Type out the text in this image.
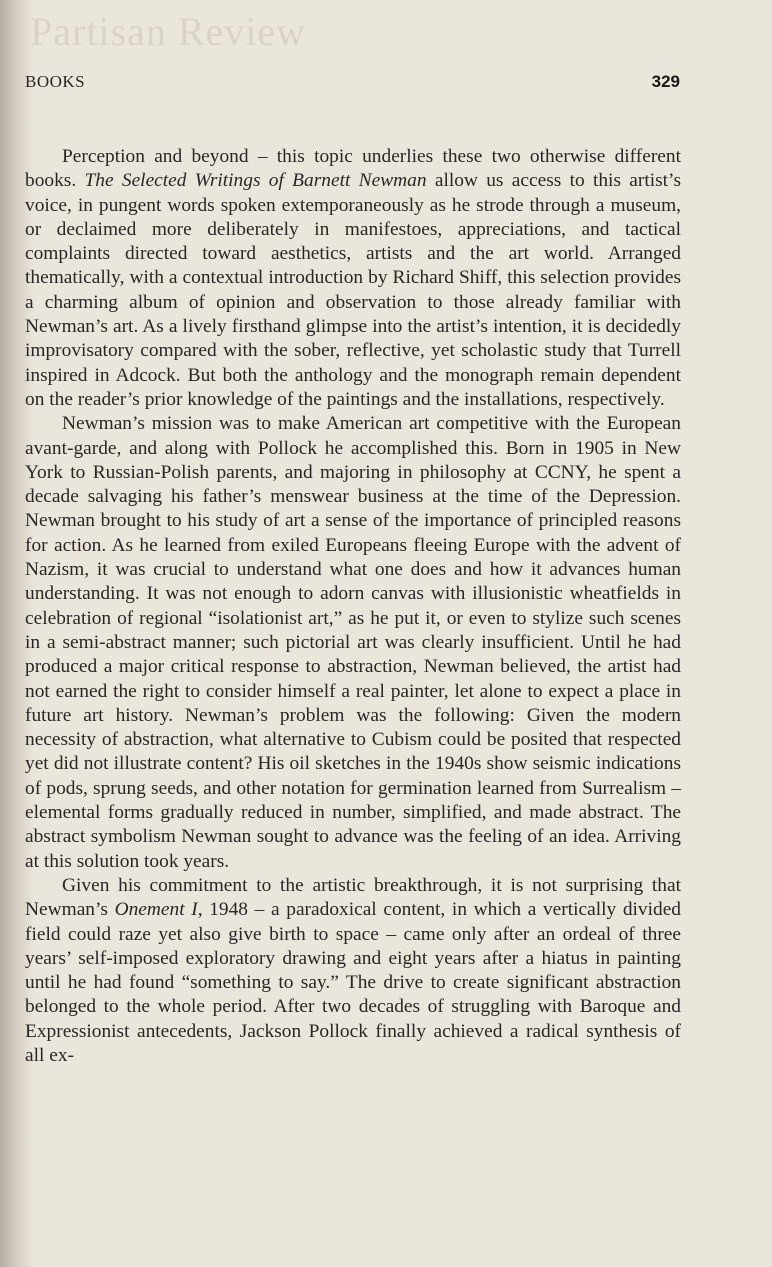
Partisan Review
BOOKS	329

Perception and beyond – this topic underlies these two otherwise different books. The Selected Writings of Barnett Newman allow us access to this artist’s voice, in pungent words spoken extemporaneously as he strode through a museum, or declaimed more deliberately in manifestoes, appreciations, and tactical complaints directed toward aesthetics, artists and the art world. Arranged thematically, with a contextual introduction by Richard Shiff, this selection provides a charming album of opinion and observation to those already familiar with Newman’s art. As a lively firsthand glimpse into the artist’s intention, it is decidedly improvisatory compared with the sober, reflective, yet scholastic study that Turrell inspired in Adcock. But both the anthology and the monograph remain dependent on the reader’s prior knowledge of the paintings and the installations, respectively.

Newman’s mission was to make American art competitive with the European avant-garde, and along with Pollock he accomplished this. Born in 1905 in New York to Russian-Polish parents, and majoring in philosophy at CCNY, he spent a decade salvaging his father’s menswear business at the time of the Depression. Newman brought to his study of art a sense of the importance of principled reasons for action. As he learned from exiled Europeans fleeing Europe with the advent of Nazism, it was crucial to understand what one does and how it advances human understanding. It was not enough to adorn canvas with illusionistic wheatfields in celebration of regional “isolationist art,” as he put it, or even to stylize such scenes in a semi-abstract manner; such pictorial art was clearly insufficient. Until he had produced a major critical response to abstraction, Newman believed, the artist had not earned the right to consider himself a real painter, let alone to expect a place in future art history. Newman’s problem was the following: Given the modern necessity of abstraction, what alternative to Cubism could be posited that respected yet did not illustrate content? His oil sketches in the 1940s show seismic indications of pods, sprung seeds, and other notation for germination learned from Surrealism – elemental forms gradually reduced in number, simplified, and made abstract. The abstract symbolism Newman sought to advance was the feeling of an idea. Arriving at this solution took years.

Given his commitment to the artistic breakthrough, it is not surprising that Newman’s Onement I, 1948 – a paradoxical content, in which a vertically divided field could raze yet also give birth to space – came only after an ordeal of three years’ self-imposed exploratory drawing and eight years after a hiatus in painting until he had found “something to say.” The drive to create significant abstraction belonged to the whole period. After two decades of struggling with Baroque and Expressionist antecedents, Jackson Pollock finally achieved a radical synthesis of all ex-
